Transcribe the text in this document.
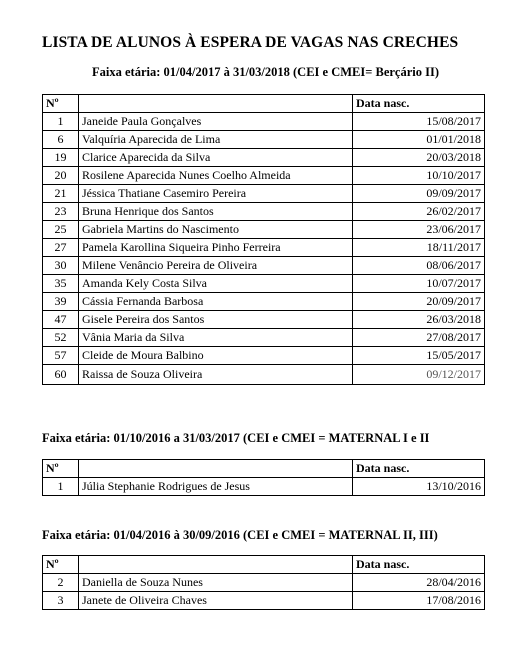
LISTA DE ALUNOS À ESPERA DE VAGAS NAS CRECHES
Faixa etária: 01/04/2017 à 31/03/2018 (CEI e CMEI= Berçário II)
Nº		Data nasc.
1	Janeide Paula Gonçalves	15/08/2017
6	Valquíria Aparecida de Lima	01/01/2018
19	Clarice Aparecida da Silva	20/03/2018
20	Rosilene Aparecida Nunes Coelho Almeida	10/10/2017
21	Jéssica Thatiane Casemiro Pereira	09/09/2017
23	Bruna Henrique dos Santos	26/02/2017
25	Gabriela Martins do Nascimento	23/06/2017
27	Pamela Karollina Siqueira Pinho Ferreira	18/11/2017
30	Milene Venâncio Pereira de Oliveira	08/06/2017
35	Amanda Kely Costa Silva	10/07/2017
39	Cássia Fernanda Barbosa	20/09/2017
47	Gisele Pereira dos Santos	26/03/2018
52	Vânia Maria da Silva	27/08/2017
57	Cleide de Moura Balbino	15/05/2017
60	Raissa de Souza Oliveira	09/12/2017
Faixa etária: 01/10/2016 a 31/03/2017 (CEI e CMEI = MATERNAL I e II
Nº		Data nasc.
1	Júlia Stephanie Rodrigues de Jesus	13/10/2016
Faixa etária: 01/04/2016 à 30/09/2016 (CEI e CMEI = MATERNAL II, III)
Nº		Data nasc.
2	Daniella de Souza Nunes	28/04/2016
3	Janete de Oliveira Chaves	17/08/2016
